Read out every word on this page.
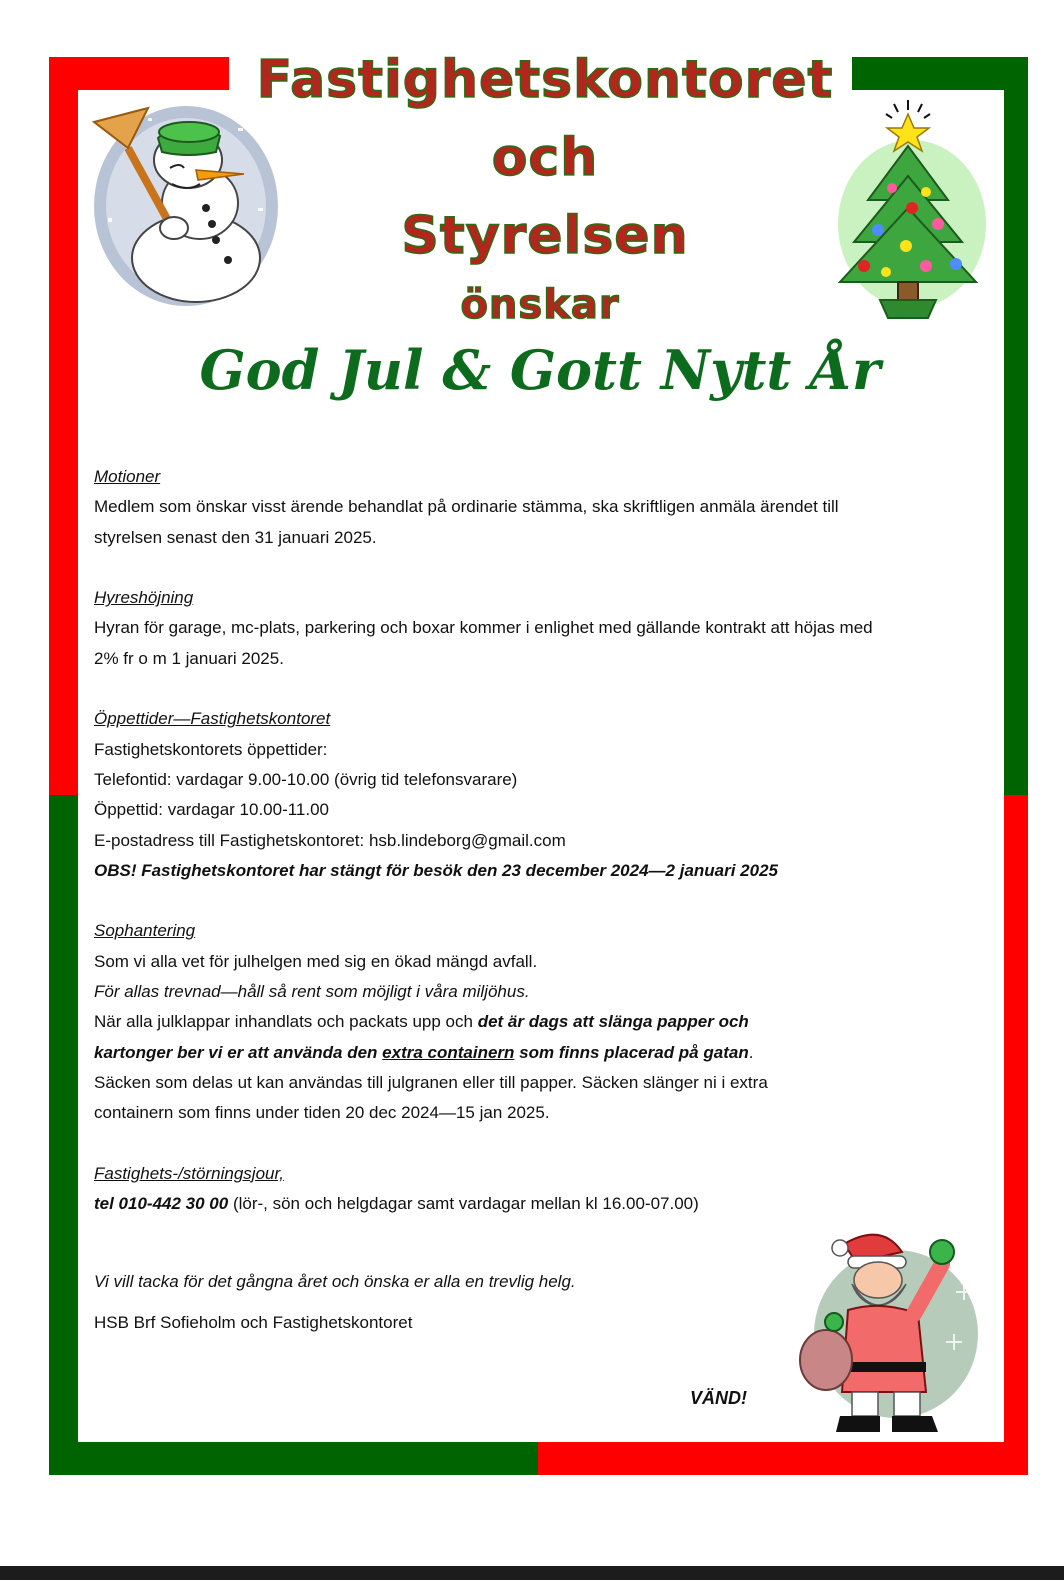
Fastighetskontoret
och
Styrelsen
önskar
God Jul & Gott Nytt År
Motioner
Medlem som önskar visst ärende behandlat på ordinarie stämma, ska skriftligen anmäla ärendet till
styrelsen senast den 31 januari 2025.
Hyreshöjning
Hyran för garage, mc-plats, parkering och boxar kommer i enlighet med gällande kontrakt att höjas med
2% fr o m 1 januari 2025.
Öppettider—Fastighetskontoret
Fastighetskontorets öppettider:
Telefontid: vardagar 9.00-10.00 (övrig tid telefonsvarare)
Öppettid: vardagar 10.00-11.00
E-postadress till Fastighetskontoret: hsb.lindeborg@gmail.com
OBS! Fastighetskontoret har stängt för besök den 23 december 2024—2 januari 2025
Sophantering
Som vi alla vet för julhelgen med sig en ökad mängd avfall.
För allas trevnad—håll så rent som möjligt i våra miljöhus.
När alla julklappar inhandlats och packats upp och det är dags att slänga papper och
kartonger ber vi er att använda den extra containern som finns placerad på gatan.
Säcken som delas ut kan användas till julgranen eller till papper. Säcken slänger ni i extra
containern som finns under tiden 20 dec 2024—15 jan 2025.
Fastighets-/störningsjour,
tel 010-442 30 00 (lör-, sön och helgdagar samt vardagar mellan kl 16.00-07.00)
Vi vill tacka för det gångna året och önska er alla en trevlig helg.
HSB Brf Sofieholm och Fastighetskontoret
VÄND!
